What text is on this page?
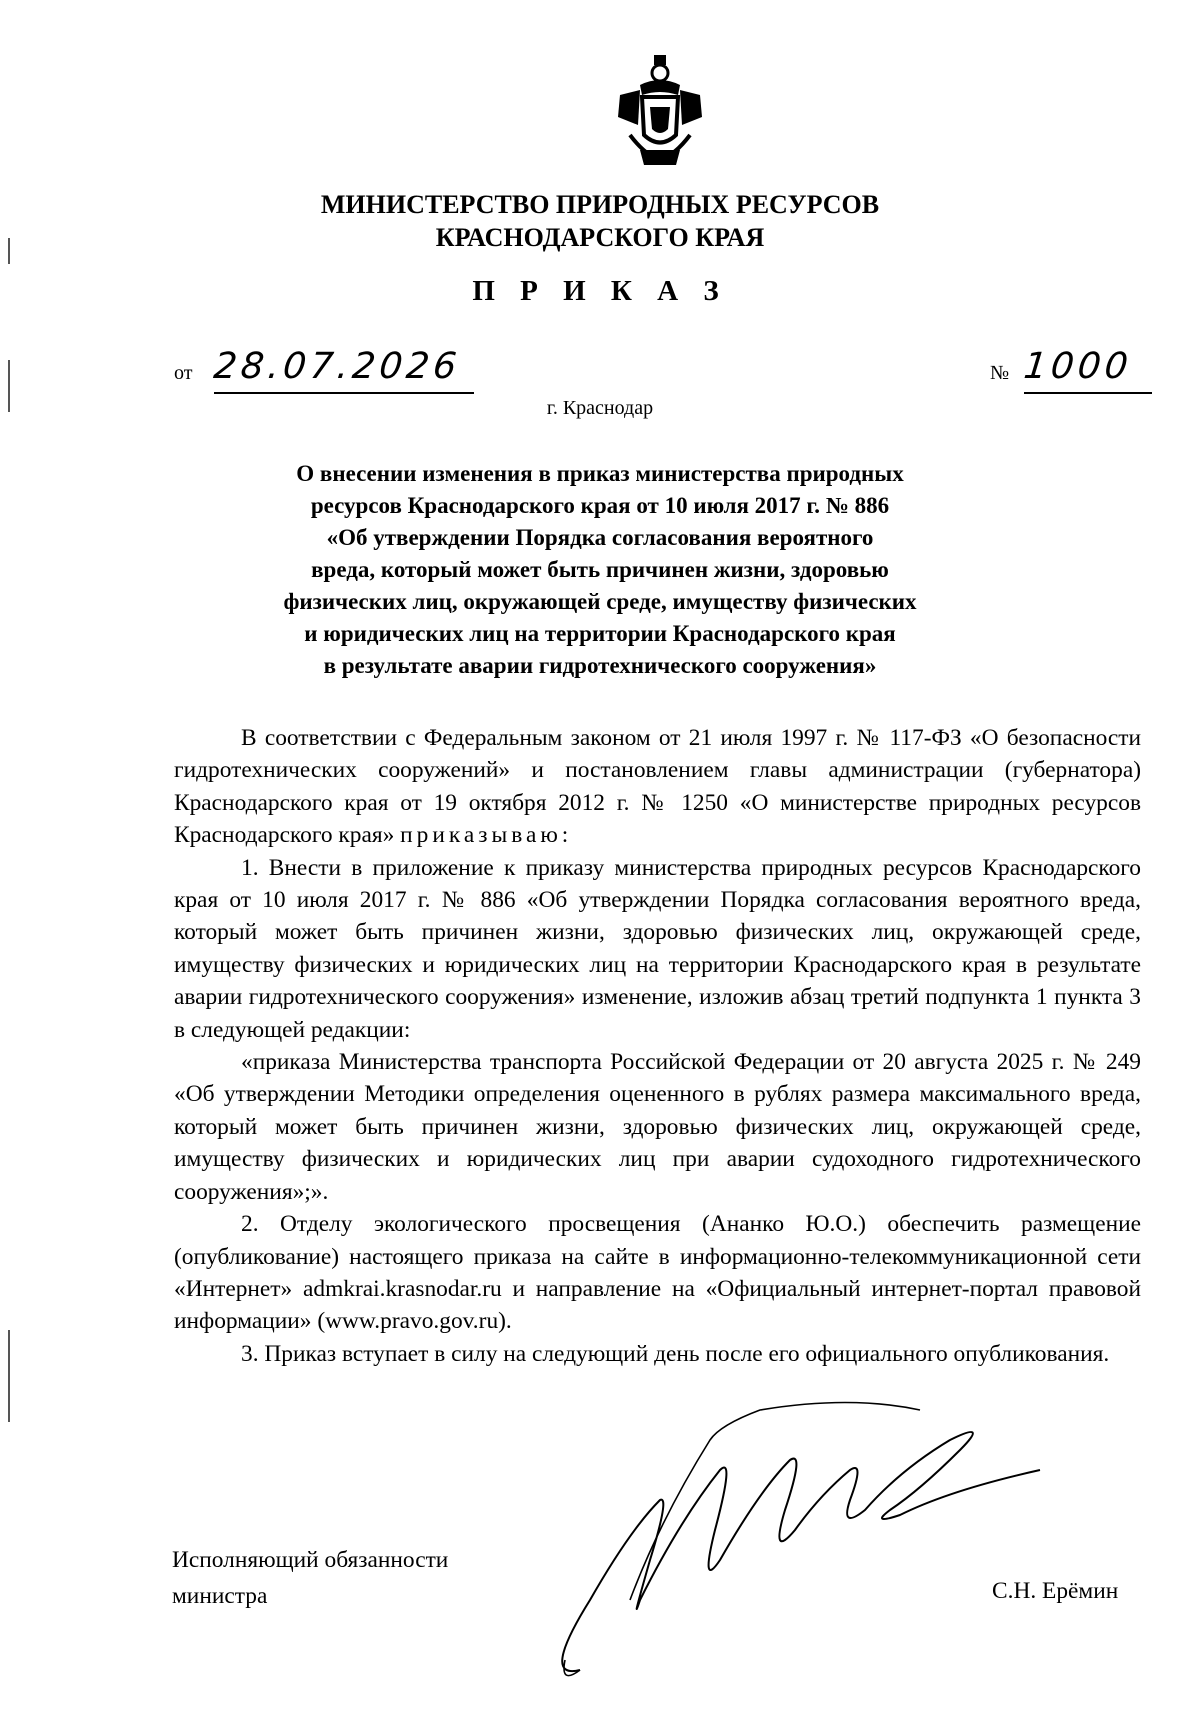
МИНИСТЕРСТВО ПРИРОДНЫХ РЕСУРСОВ
КРАСНОДАРСКОГО КРАЯ
П Р И К А З
от 28.07.2026	№ 1000
г. Краснодар
О внесении изменения в приказ министерства природных
ресурсов Краснодарского края от 10 июля 2017 г. № 886
«Об утверждении Порядка согласования вероятного
вреда, который может быть причинен жизни, здоровью
физических лиц, окружающей среде, имуществу физических
и юридических лиц на территории Краснодарского края
в результате аварии гидротехнического сооружения»

В соответствии с Федеральным законом от 21 июля 1997 г. № 117-ФЗ «О безопасности гидротехнических сооружений» и постановлением главы администрации (губернатора) Краснодарского края от 19 октября 2012 г. № 1250 «О министерстве природных ресурсов Краснодарского края» приказываю:

1. Внести в приложение к приказу министерства природных ресурсов Краснодарского края от 10 июля 2017 г. № 886 «Об утверждении Порядка согласования вероятного вреда, который может быть причинен жизни, здоровью физических лиц, окружающей среде, имуществу физических и юридических лиц на территории Краснодарского края в результате аварии гидротехнического сооружения» изменение, изложив абзац третий подпункта 1 пункта 3 в следующей редакции:

«приказа Министерства транспорта Российской Федерации от 20 августа 2025 г. № 249 «Об утверждении Методики определения оцененного в рублях размера максимального вреда, который может быть причинен жизни, здоровью физических лиц, окружающей среде, имуществу физических и юридических лиц при аварии судоходного гидротехнического сооружения»;».

2. Отделу экологического просвещения (Ананко Ю.О.) обеспечить размещение (опубликование) настоящего приказа на сайте в информационно-телекоммуникационной сети «Интернет» admkrai.krasnodar.ru и направление на «Официальный интернет-портал правовой информации» (www.pravo.gov.ru).

3. Приказ вступает в силу на следующий день после его официального опубликования.

Исполняющий обязанности
министра	С.Н. Ерёмин
